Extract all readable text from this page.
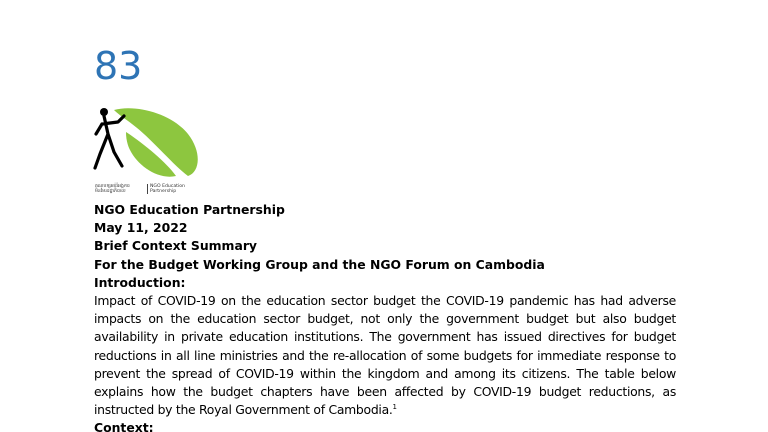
83
គណបក្សអប់រំអង្គការ
មិនមែនរដ្ឋាភិបាល
NGO Education
Partnership
NGO Education Partnership
May 11, 2022
Brief Context Summary
For the Budget Working Group and the NGO Forum on Cambodia
Introduction:

Impact of COVID-19 on the education sector budget the COVID-19 pandemic has had adverse impacts on the education sector budget, not only the government budget but also budget availability in private education institutions. The government has issued directives for budget reductions in all line ministries and the re-allocation of some budgets for immediate response to prevent the spread of COVID-19 within the kingdom and among its citizens. The table below explains how the budget chapters have been affected by COVID-19 budget reductions, as instructed by the Royal Government of Cambodia.$^1$

Context:
